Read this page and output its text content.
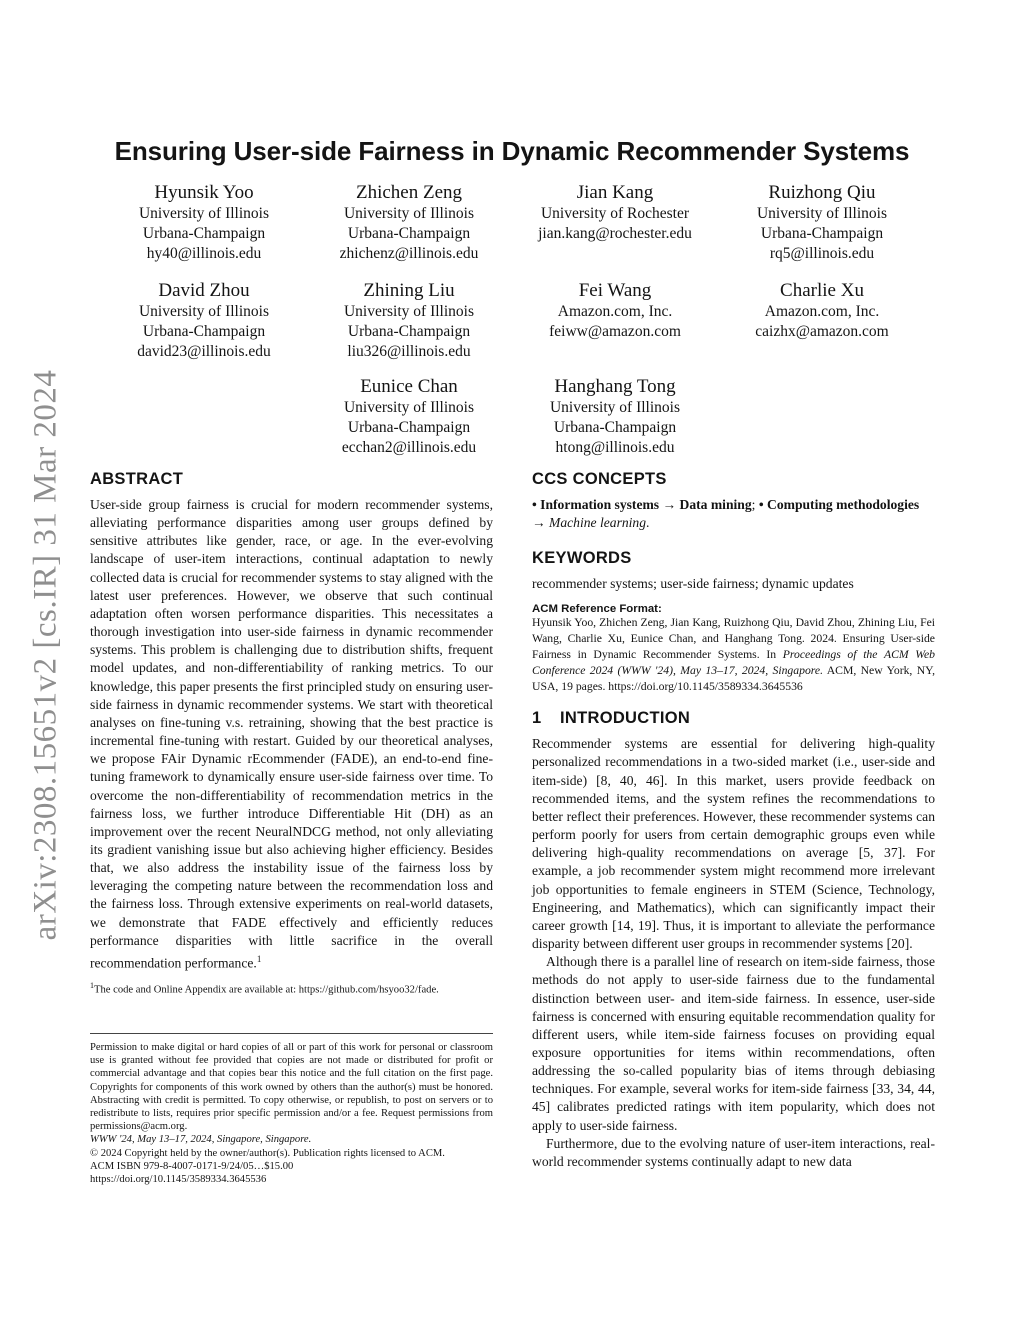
arXiv:2308.15651v2 [cs.IR] 31 Mar 2024
Ensuring User-side Fairness in Dynamic Recommender Systems
Hyunsik Yoo
University of Illinois
Urbana-Champaign
hy40@illinois.edu
Zhichen Zeng
University of Illinois
Urbana-Champaign
zhichenz@illinois.edu
Jian Kang
University of Rochester
jian.kang@rochester.edu
Ruizhong Qiu
University of Illinois
Urbana-Champaign
rq5@illinois.edu
David Zhou
University of Illinois
Urbana-Champaign
david23@illinois.edu
Zhining Liu
University of Illinois
Urbana-Champaign
liu326@illinois.edu
Fei Wang
Amazon.com, Inc.
feiww@amazon.com
Charlie Xu
Amazon.com, Inc.
caizhx@amazon.com
Eunice Chan
University of Illinois
Urbana-Champaign
ecchan2@illinois.edu
Hanghang Tong
University of Illinois
Urbana-Champaign
htong@illinois.edu
ABSTRACT

User-side group fairness is crucial for modern recommender systems, alleviating performance disparities among user groups defined by sensitive attributes like gender, race, or age. In the ever-evolving landscape of user-item interactions, continual adaptation to newly collected data is crucial for recommender systems to stay aligned with the latest user preferences. However, we observe that such continual adaptation often worsen performance disparities. This necessitates a thorough investigation into user-side fairness in dynamic recommender systems. This problem is challenging due to distribution shifts, frequent model updates, and non-differentiability of ranking metrics. To our knowledge, this paper presents the first principled study on ensuring user-side fairness in dynamic recommender systems. We start with theoretical analyses on fine-tuning v.s. retraining, showing that the best practice is incremental fine-tuning with restart. Guided by our theoretical analyses, we propose FAir Dynamic rEcommender (FADE), an end-to-end fine-tuning framework to dynamically ensure user-side fairness over time. To overcome the non-differentiability of recommendation metrics in the fairness loss, we further introduce Differentiable Hit (DH) as an improvement over the recent NeuralNDCG method, not only alleviating its gradient vanishing issue but also achieving higher efficiency. Besides that, we also address the instability issue of the fairness loss by leveraging the competing nature between the recommendation loss and the fairness loss. Through extensive experiments on real-world datasets, we demonstrate that FADE effectively and efficiently reduces performance disparities with little sacrifice in the overall recommendation performance.$^1$

$^1$The code and Online Appendix are available at: https://github.com/hsyoo32/fade.

Permission to make digital or hard copies of all or part of this work for personal or classroom use is granted without fee provided that copies are not made or distributed for profit or commercial advantage and that copies bear this notice and the full citation on the first page. Copyrights for components of this work owned by others than the author(s) must be honored. Abstracting with credit is permitted. To copy otherwise, or republish, to post on servers or to redistribute to lists, requires prior specific permission and/or a fee. Request permissions from permissions@acm.org.

WWW '24, May 13–17, 2024, Singapore, Singapore.

© 2024 Copyright held by the owner/author(s). Publication rights licensed to ACM.

ACM ISBN 979-8-4007-0171-9/24/05…$15.00

https://doi.org/10.1145/3589334.3645536

CCS CONCEPTS
• Information systems → Data mining; • Computing methodologies → Machine learning.
KEYWORDS
recommender systems; user-side fairness; dynamic updates
ACM Reference Format:
Hyunsik Yoo, Zhichen Zeng, Jian Kang, Ruizhong Qiu, David Zhou, Zhining Liu, Fei Wang, Charlie Xu, Eunice Chan, and Hanghang Tong. 2024. Ensuring User-side Fairness in Dynamic Recommender Systems. In Proceedings of the ACM Web Conference 2024 (WWW '24), May 13–17, 2024, Singapore. ACM, New York, NY, USA, 19 pages. https://doi.org/10.1145/3589334.3645536
1 INTRODUCTION

Recommender systems are essential for delivering high-quality personalized recommendations in a two-sided market (i.e., user-side and item-side) [8, 40, 46]. In this market, users provide feedback on recommended items, and the system refines the recommendations to better reflect their preferences. However, these recommender systems can perform poorly for users from certain demographic groups even while delivering high-quality recommendations on average [5, 37]. For example, a job recommender system might recommend more irrelevant job opportunities to female engineers in STEM (Science, Technology, Engineering, and Mathematics), which can significantly impact their career growth [14, 19]. Thus, it is important to alleviate the performance disparity between different user groups in recommender systems [20].

Although there is a parallel line of research on item-side fairness, those methods do not apply to user-side fairness due to the fundamental distinction between user- and item-side fairness. In essence, user-side fairness is concerned with ensuring equitable recommendation quality for different users, while item-side fairness focuses on providing equal exposure opportunities for items within recommendations, often addressing the so-called popularity bias of items through debiasing techniques. For example, several works for item-side fairness [33, 34, 44, 45] calibrates predicted ratings with item popularity, which does not apply to user-side fairness.

Furthermore, due to the evolving nature of user-item interactions, real-world recommender systems continually adapt to new data
